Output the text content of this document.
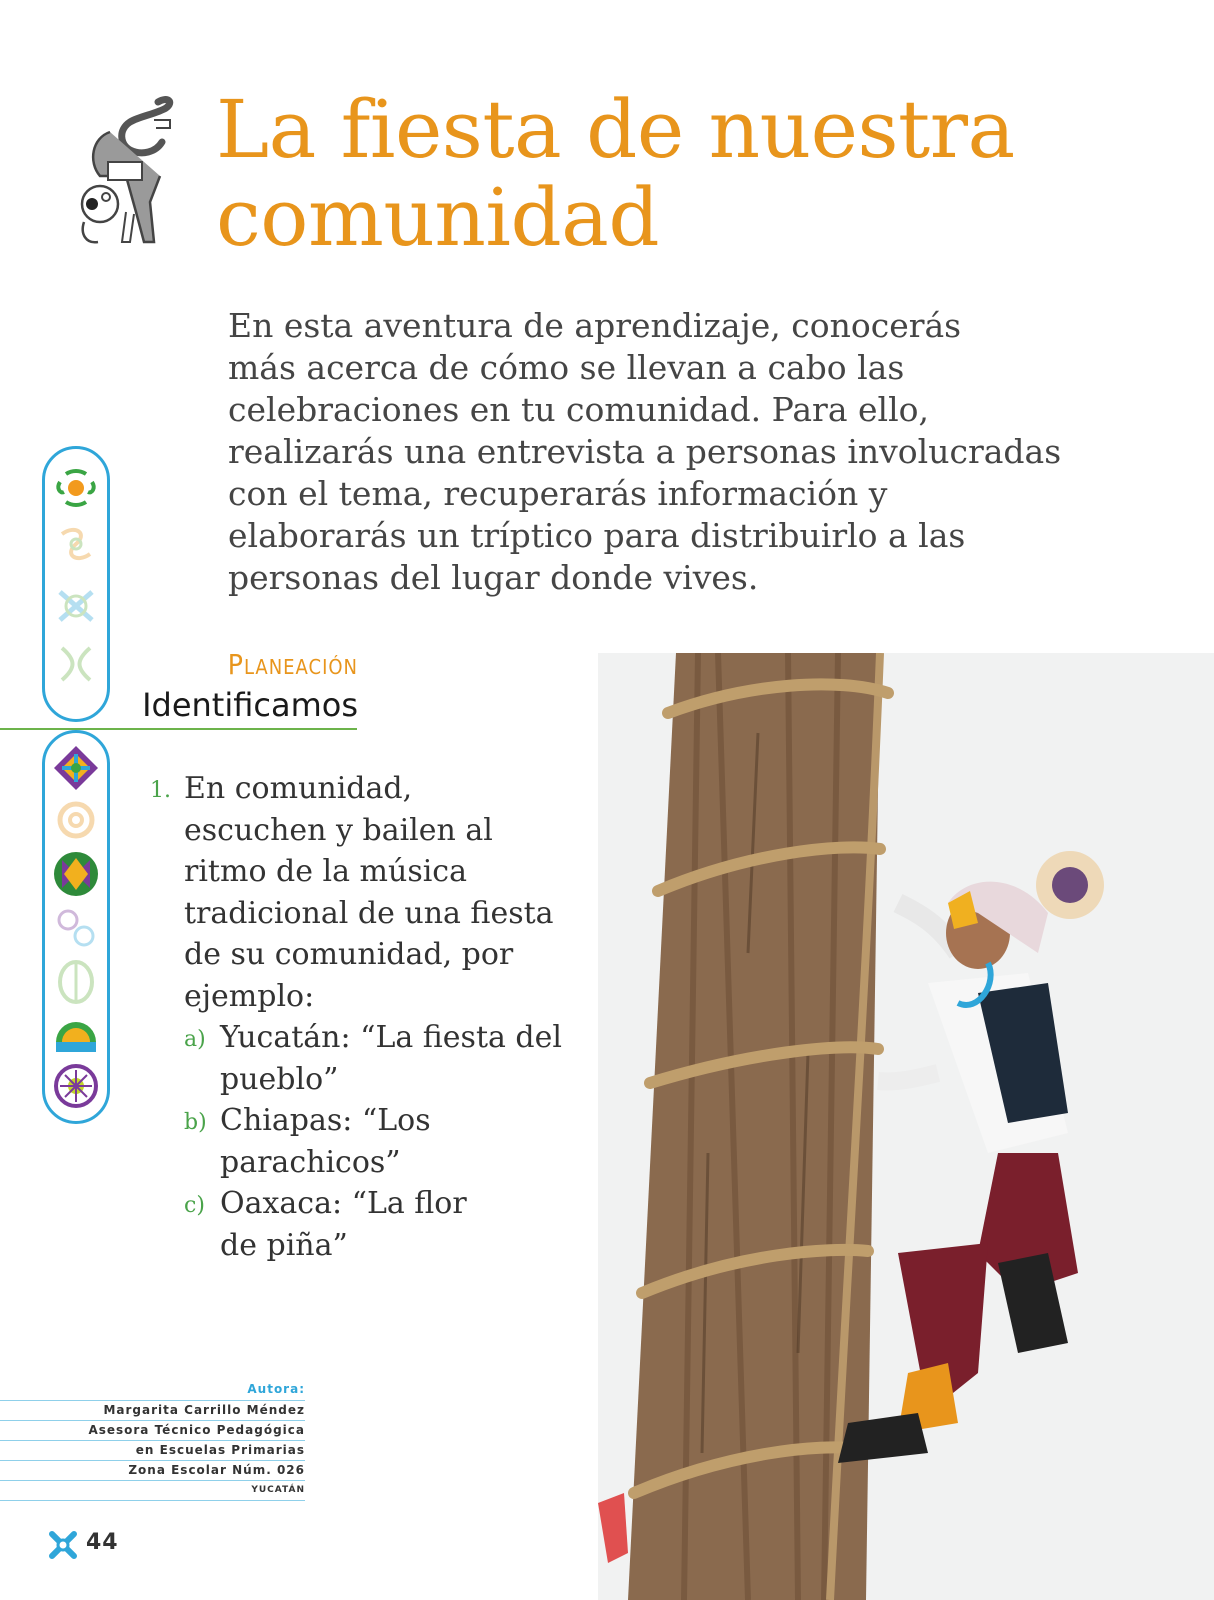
La fiesta de nuestra
comunidad

En esta aventura de aprendizaje, conocerás
más acerca de cómo se llevan a cabo las
celebraciones en tu comunidad. Para ello,
realizarás una entrevista a personas involucradas
con el tema, recuperarás información y
elaborarás un tríptico para distribuirlo a las
personas del lugar donde vives.

Planeación
Identificamos
1. En comunidad,
escuchen y bailen al
ritmo de la música
tradicional de una fiesta
de su comunidad, por
ejemplo:
a) Yucatán: “La fiesta del
pueblo”
b) Chiapas: “Los
parachicos”
c) Oaxaca: “La flor
de piña”
Autora:
Margarita Carrillo Méndez
Asesora Técnico Pedagógica
en Escuelas Primarias
Zona Escolar Núm. 026
YUCATÁN
44
